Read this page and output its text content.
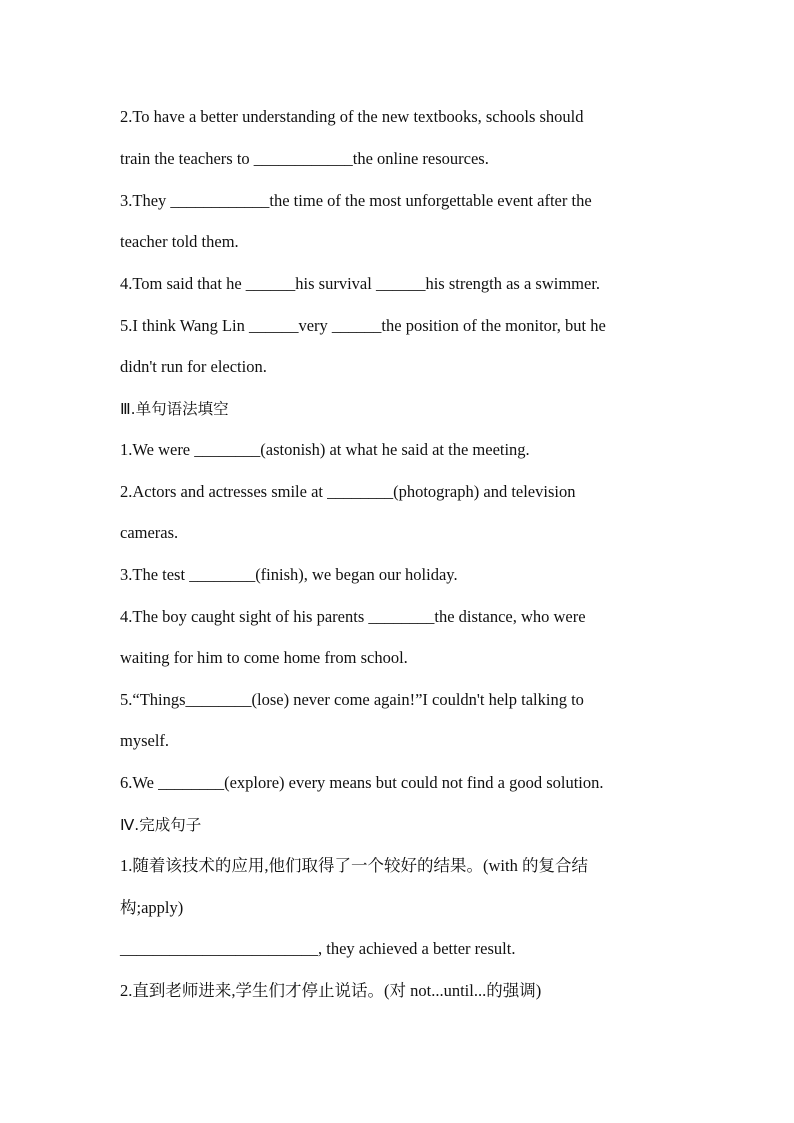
2.To have a better understanding of the new textbooks, schools should
train the teachers to ____________the online resources.
3.They ____________the time of the most unforgettable event after the
teacher told them.
4.Tom said that he ______his survival ______his strength as a swimmer.
5.I think Wang Lin ______very ______the position of the monitor, but he
didn't run for election.
Ⅲ.单句语法填空
1.We were ________(astonish) at what he said at the meeting.
2.Actors and actresses smile at ________(photograph) and television
cameras.
3.The test ________(finish), we began our holiday.
4.The boy caught sight of his parents ________the distance, who were
waiting for him to come home from school.
5.“Things________(lose) never come again!”I couldn't help talking to
myself.
6.We ________(explore) every means but could not find a good solution.
Ⅳ.完成句子
1.随着该技术的应用,他们取得了一个较好的结果。(with 的复合结
构;apply)
________________________, they achieved a better result.
2.直到老师进来,学生们才停止说话。(对 not...until...的强调)
